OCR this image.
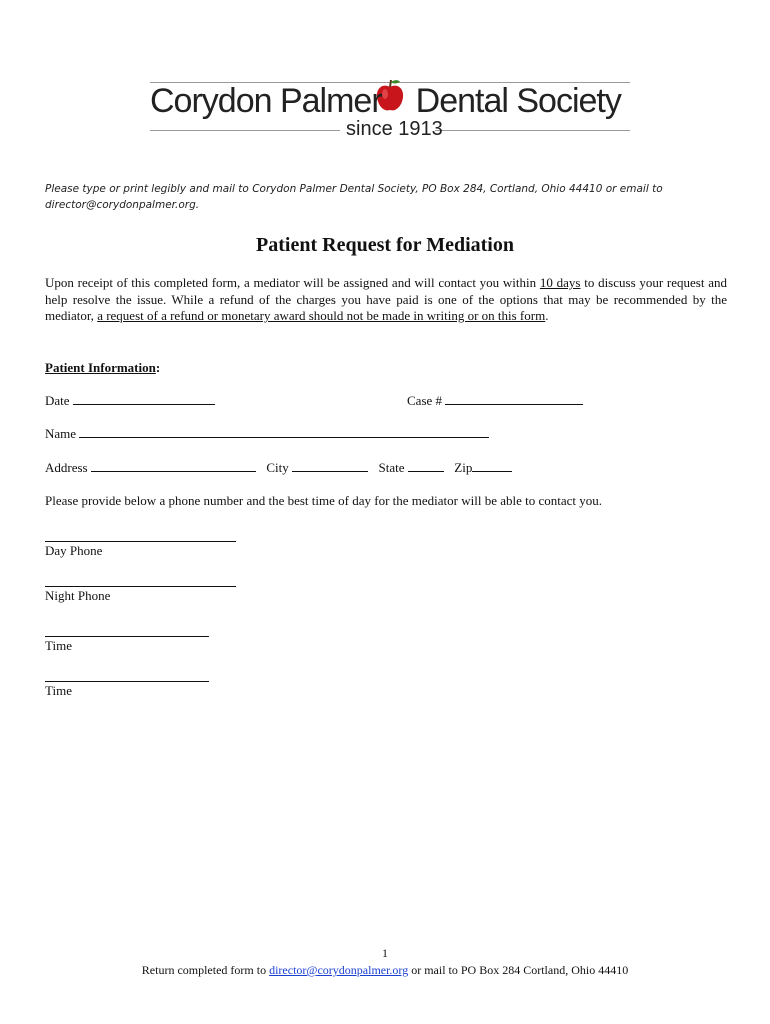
Corydon Palmer Dental Society
since 1913
Please type or print legibly and mail to Corydon Palmer Dental Society, PO Box 284, Cortland, Ohio 44410 or email to director@corydonpalmer.org.
Patient Request for Mediation
Upon receipt of this completed form, a mediator will be assigned and will contact you within 10 days to discuss your request and help resolve the issue. While a refund of the charges you have paid is one of the options that may be recommended by the mediator, a request of a refund or monetary award should not be made in writing or on this form.
Patient Information:
Date	Case #
Name
Address	City	State	Zip
Please provide below a phone number and the best time of day for the mediator will be able to contact you.
Day Phone
Night Phone
Time
Time
1
Return completed form to director@corydonpalmer.org or mail to PO Box 284 Cortland, Ohio 44410
